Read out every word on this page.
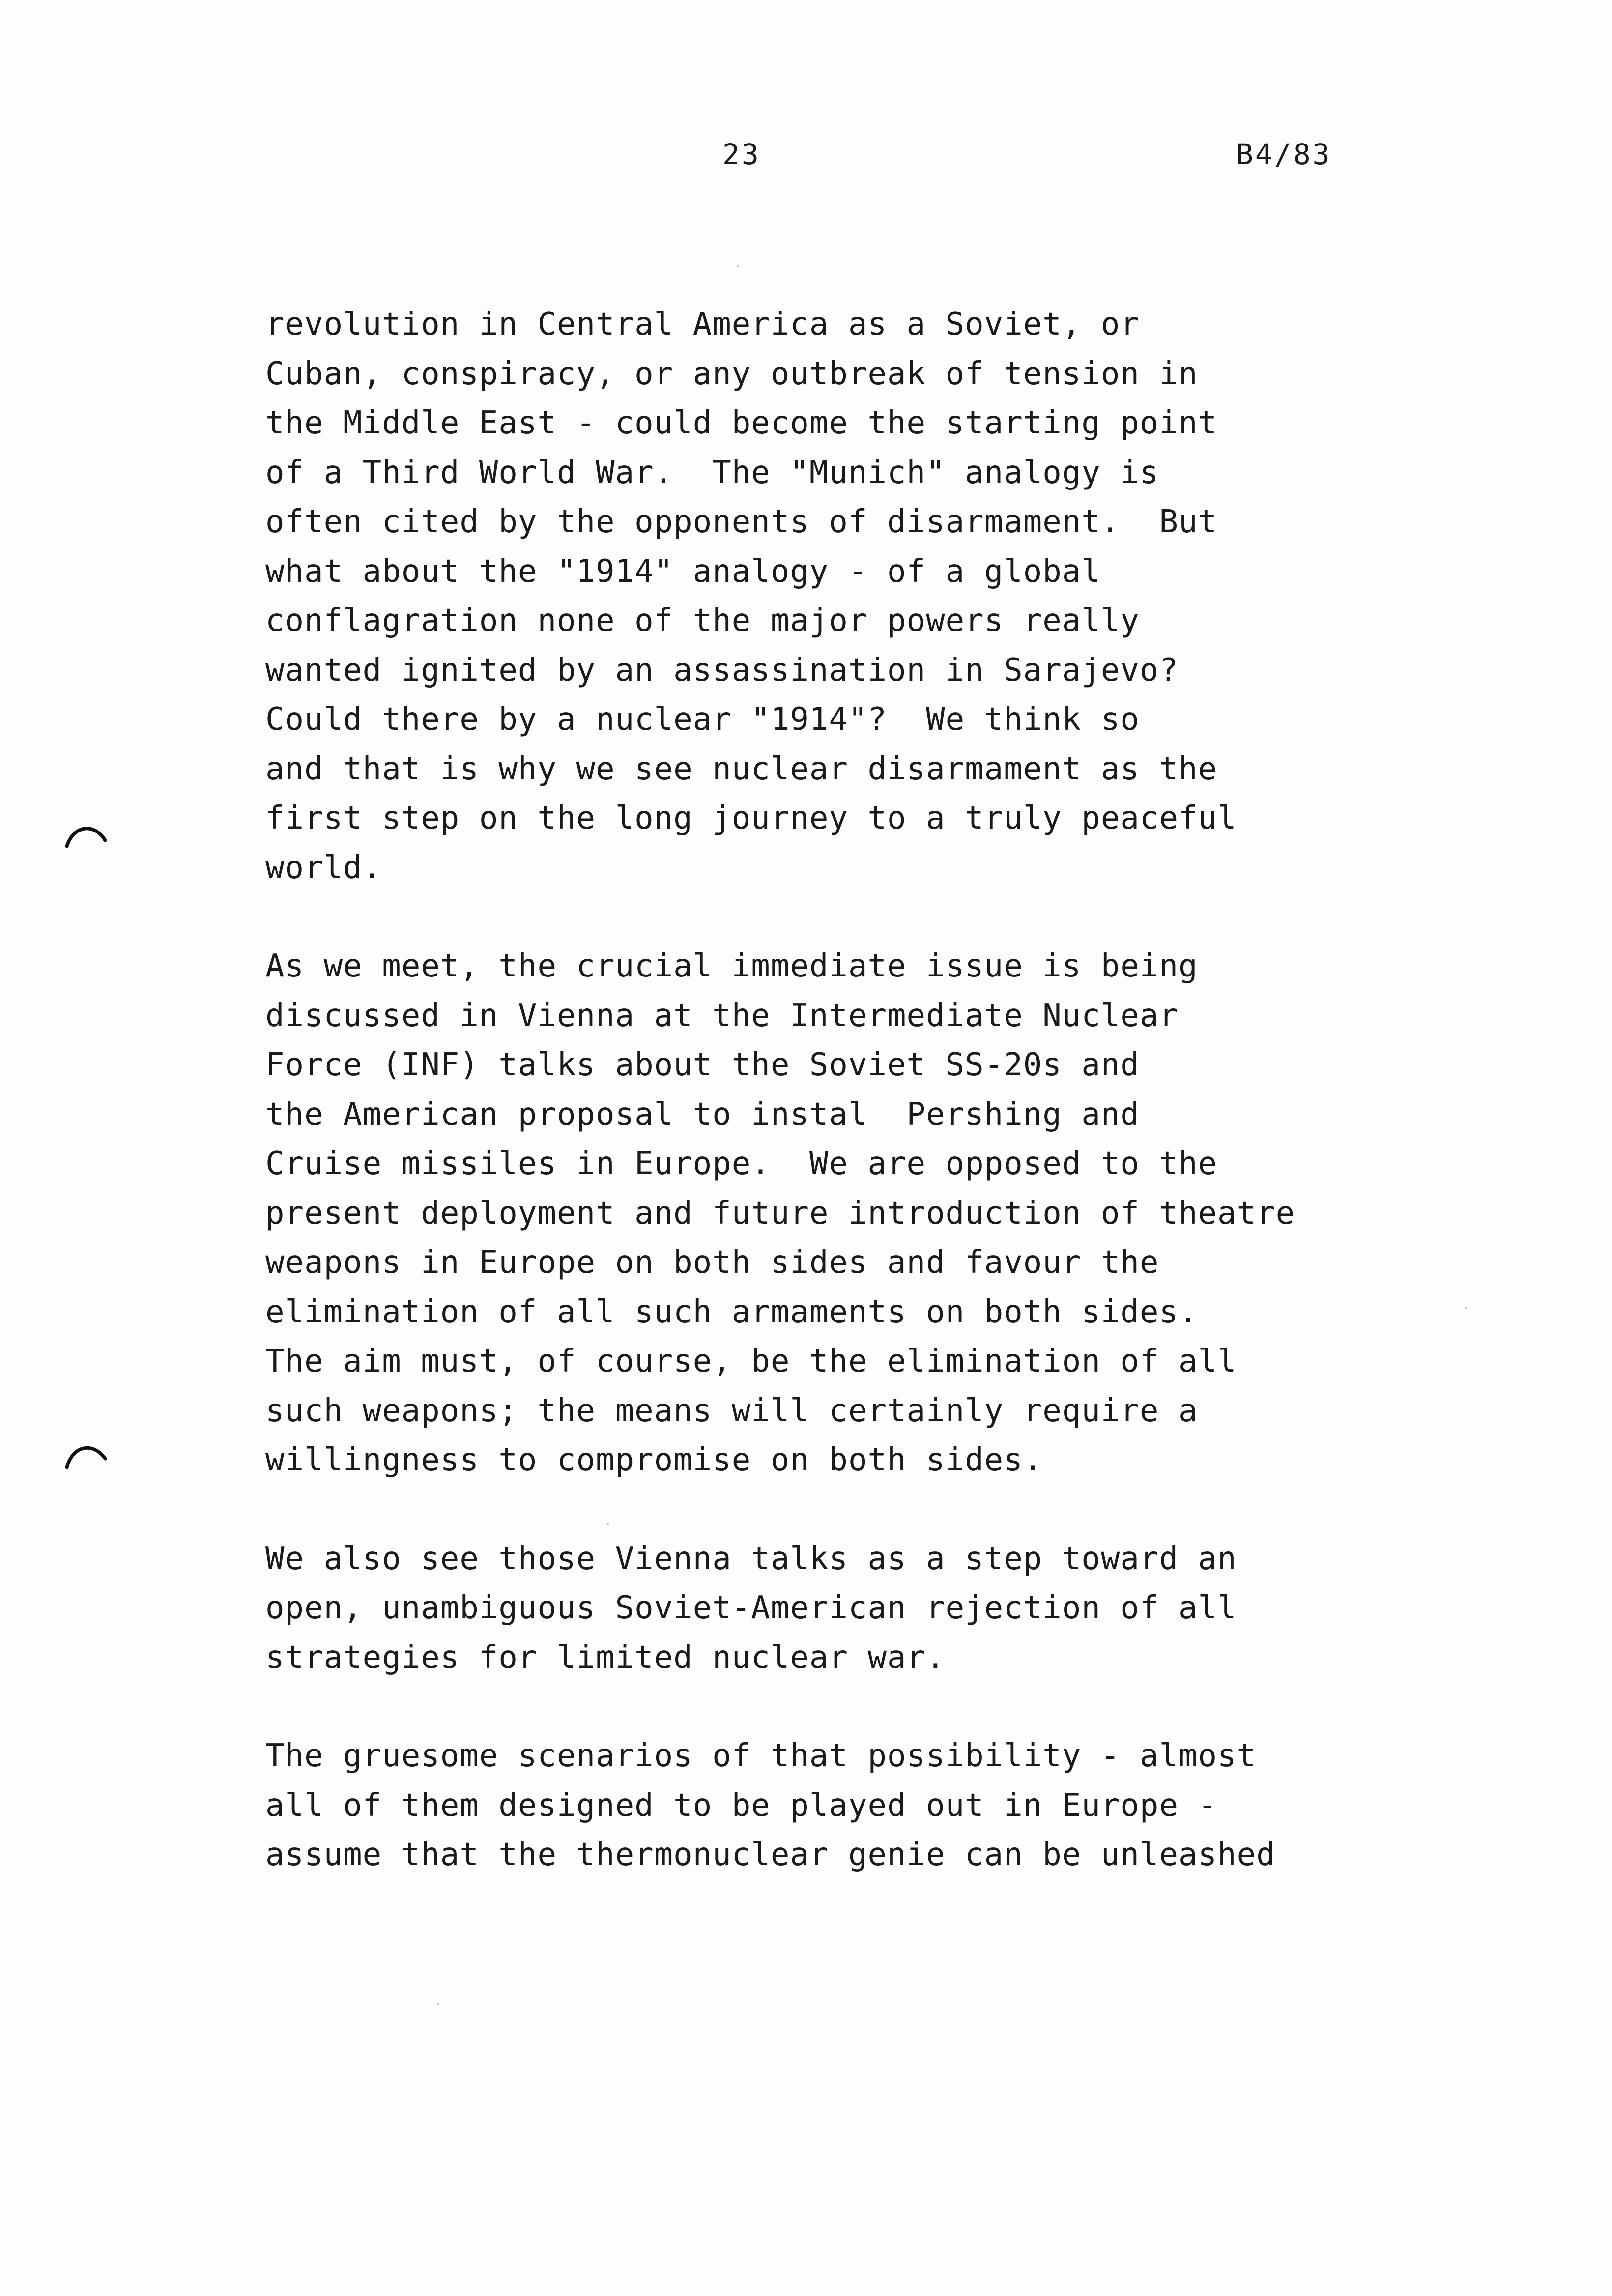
23	B4/83
revolution in Central America as a Soviet, or
Cuban, conspiracy, or any outbreak of tension in
the Middle East - could become the starting point
of a Third World War.  The "Munich" analogy is
often cited by the opponents of disarmament.  But
what about the "1914" analogy - of a global
conflagration none of the major powers really
wanted ignited by an assassination in Sarajevo?
Could there by a nuclear "1914"?  We think so
and that is why we see nuclear disarmament as the
first step on the long journey to a truly peaceful
world.
As we meet, the crucial immediate issue is being
discussed in Vienna at the Intermediate Nuclear
Force (INF) talks about the Soviet SS-20s and
the American proposal to instal  Pershing and
Cruise missiles in Europe.  We are opposed to the
present deployment and future introduction of theatre
weapons in Europe on both sides and favour the
elimination of all such armaments on both sides.
The aim must, of course, be the elimination of all
such weapons; the means will certainly require a
willingness to compromise on both sides.
We also see those Vienna talks as a step toward an
open, unambiguous Soviet-American rejection of all
strategies for limited nuclear war.
The gruesome scenarios of that possibility - almost
all of them designed to be played out in Europe -
assume that the thermonuclear genie can be unleashed
